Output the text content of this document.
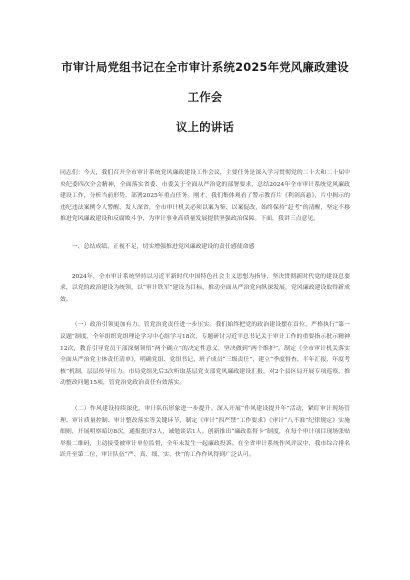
市审计局党组书记在全市审计系统2025年党风廉政建设工作会
议上的讲话

同志们：今天，我们召开全市审计系统党风廉政建设工作会议，主要任务是深入学习贯彻党的二十大和二十届中央纪委四次全会精神，全面落实省委、市委关于全面从严治党的部署要求，总结2024年全市审计系统党风廉政建设工作，分析当前形势，部署2025年重点任务。刚才，我们集体观看了警示教育片《利剑高悬》，片中揭示的违纪违法案例令人警醒、发人深省。全市审计机关必须以案为鉴、以案促改，始终保持“赶考”的清醒，坚定不移推进党风廉政建设和反腐败斗争，为审计事业高质量发展提供坚强政治保障。下面，我讲三点意见。

一、总结成绩、正视不足，切实增强推进党风廉政建设的责任感使命感

2024年，全市审计系统坚持以习近平新时代中国特色社会主义思想为指导，坚决贯彻新时代党的建设总要求，以党的政治建设为统领，以“审计铁军”建设为目标，推动全面从严治党向纵深发展，党风廉政建设取得新成效。

（一）政治引领更加有力。管党治党责任进一步压实。我们始终把党的政治建设摆在首位，严格执行“第一议题”制度，全年组织党组理论学习中心组学习18次，专题研讨习近平总书记关于审计工作的重要指示批示精神12次，教育引导党员干部深刻领悟“两个确立”的决定性意义，坚决做到“两个维护”。制定《全市审计机关落实全面从严治党主体责任清单》，明确党组、党组书记、班子成员“三级责任”，建立“季度督查、半年汇报、年度考核”机制，层层传导压力。市局党组先后3次听取基层党支部党风廉政建设汇报，对2个县区局开展专项巡察，推动整改问题15项，管党治党政治责任有效落实。

（二）作风建设持续深化。审计队伍形象进一步提升。深入开展“作风建设提升年”活动，紧盯审计现场管理、审计质量控制、审计整改落实等关键环节，制定《审计“四严禁”工作要求》《审计“八不准”纪律规定》实施细则，开展明察暗访8次，通报批评3人，诫勉谈话1人。创新推出“廉政监督卡”制度，在每个审计项目现场张贴举报二维码，主动接受被审计单位监督，全年未发生一起廉政投诉。在全省审计系统作风评议中，我市综合排名跃升至第二位，审计队伍“严、真、细、实、快”的工作作风得到广泛认可。
